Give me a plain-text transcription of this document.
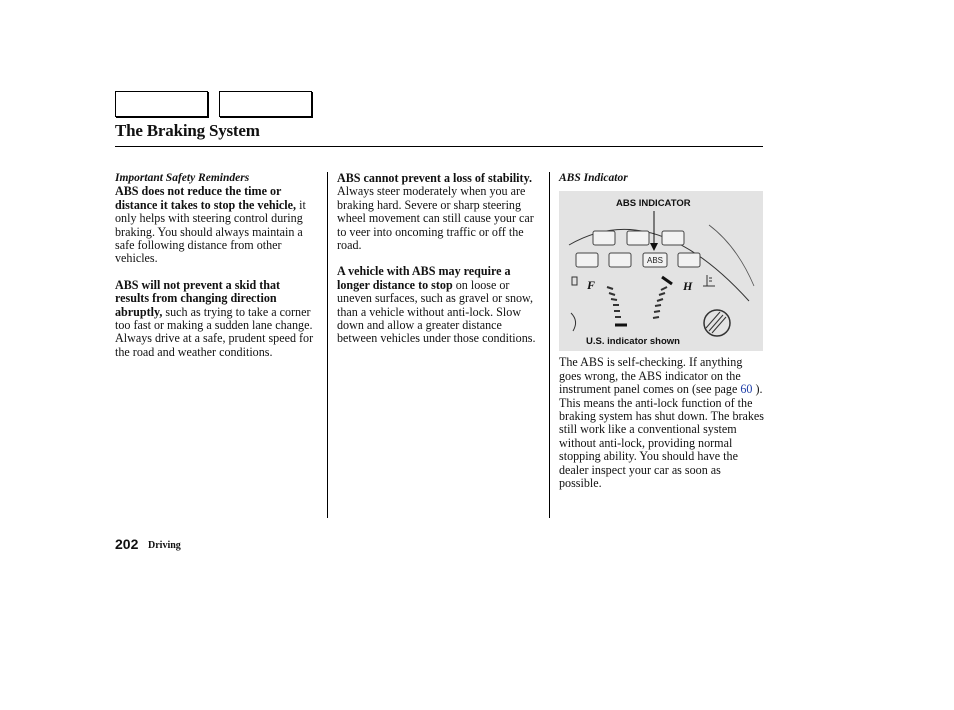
The Braking System
Important Safety Reminders

ABS does not reduce the time or distance it takes to stop the vehicle, it only helps with steering control during braking. You should always maintain a safe following distance from other vehicles.

ABS will not prevent a skid that results from changing direction abruptly, such as trying to take a corner too fast or making a sudden lane change. Always drive at a safe, prudent speed for the road and weather conditions.

ABS cannot prevent a loss of stability. Always steer moderately when you are braking hard. Severe or sharp steering wheel movement can still cause your car to veer into oncoming traffic or off the road.

A vehicle with ABS may require a longer distance to stop on loose or uneven surfaces, such as gravel or snow, than a vehicle without anti-lock. Slow down and allow a greater distance between vehicles under those conditions.

ABS Indicator
ABS
F	H
ABS INDICATOR
U.S. indicator shown

The ABS is self-checking. If anything goes wrong, the ABS indicator on the instrument panel comes on (see page 60 ). This means the anti-lock function of the braking system has shut down. The brakes still work like a conventional system without anti-lock, providing normal stopping ability. You should have the dealer inspect your car as soon as possible.

202 Driving
